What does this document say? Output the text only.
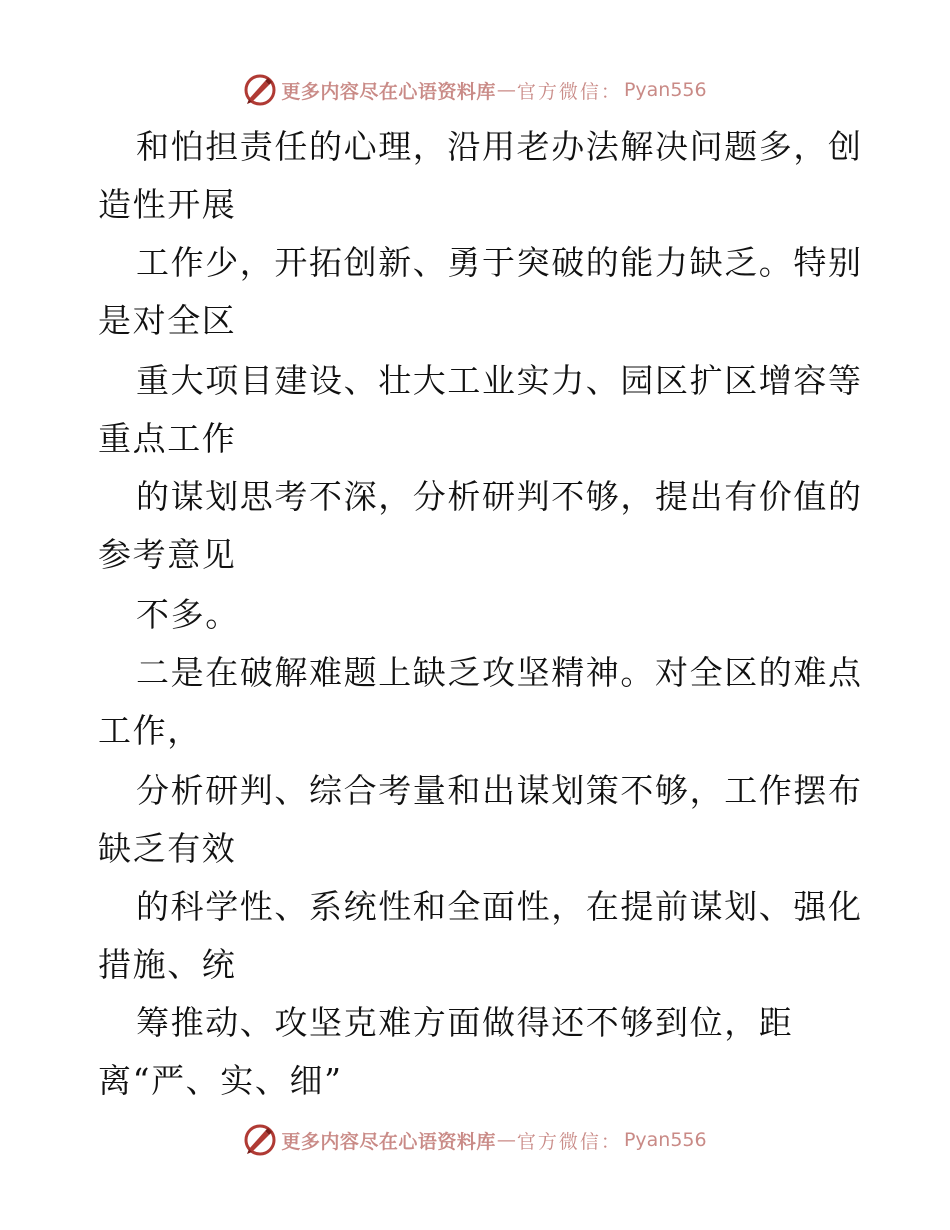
更多内容尽在心语资料库 — 官方微信： Pyan556
和怕担责任的心理，沿用老办法解决问题多，创
造性开展
工作少，开拓创新、勇于突破的能力缺乏。特别
是对全区
重大项目建设、壮大工业实力、园区扩区增容等
重点工作
的谋划思考不深，分析研判不够，提出有价值的
参考意见
不多。
二是在破解难题上缺乏攻坚精神。对全区的难点
工作，
分析研判、综合考量和出谋划策不够，工作摆布
缺乏有效
的科学性、系统性和全面性，在提前谋划、强化
措施、统
筹推动、攻坚克难方面做得还不够到位，距
离“严、实、细”
更多内容尽在心语资料库 — 官方微信： Pyan556
